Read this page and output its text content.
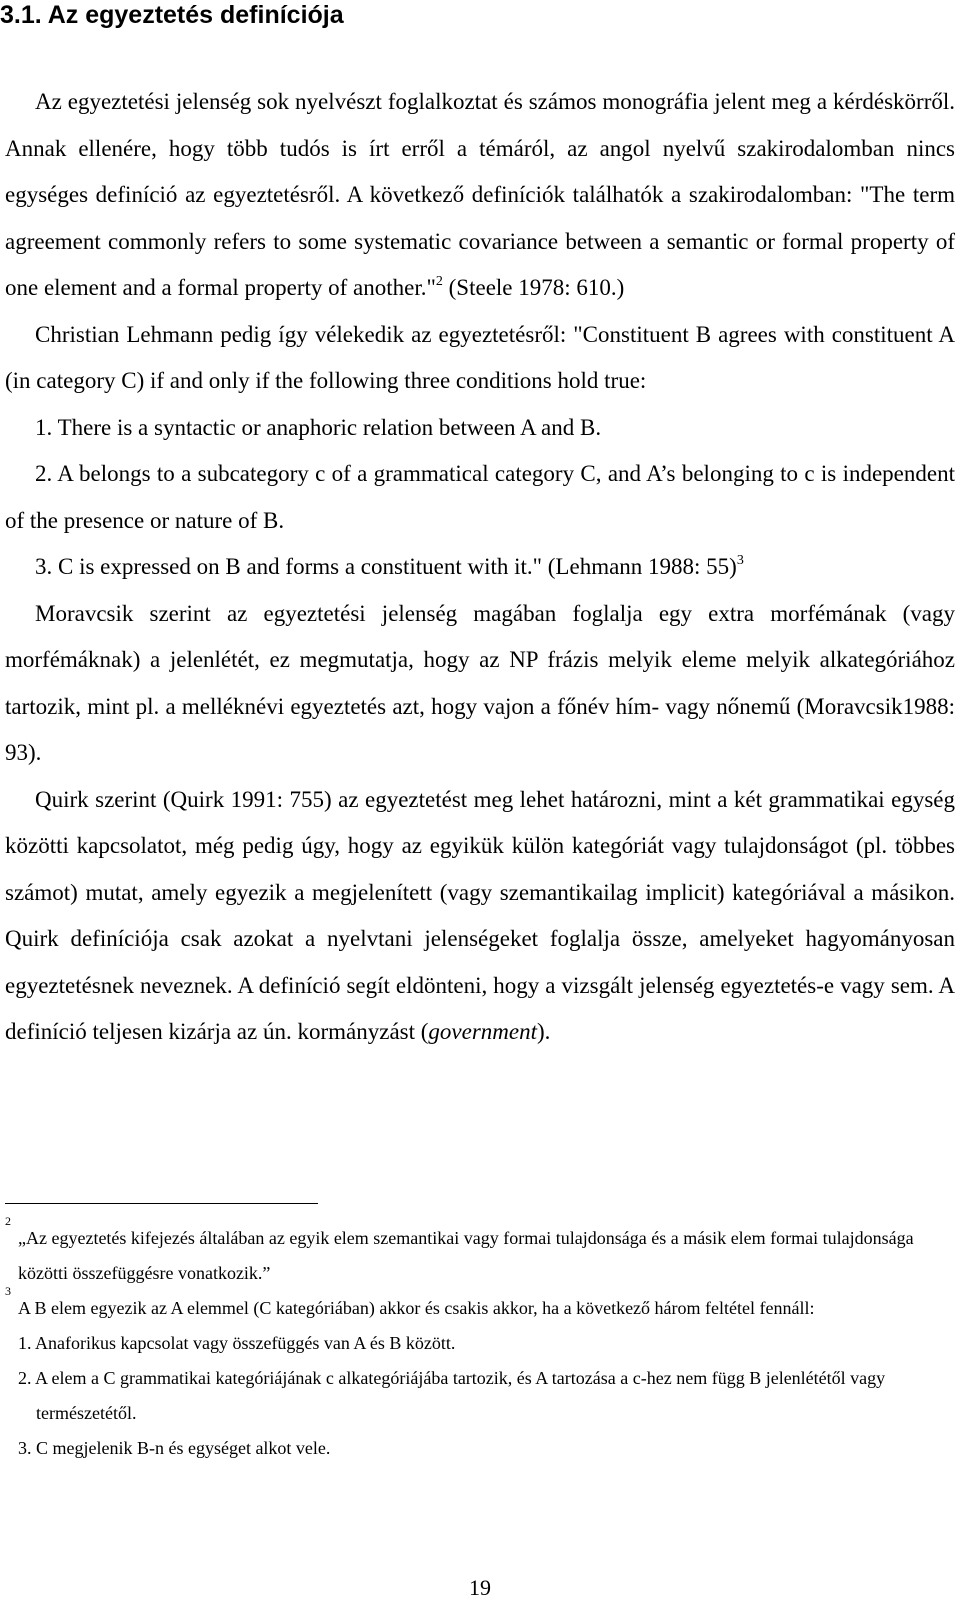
3.1. Az egyeztetés definíciója

Az egyeztetési jelenség sok nyelvészt foglalkoztat és számos monográfia jelent meg a kérdéskörről. Annak ellenére, hogy több tudós is írt erről a témáról, az angol nyelvű szakirodalomban nincs egységes definíció az egyeztetésről. A következő definíciók találhatók a szakirodalomban: "The term agreement commonly refers to some systematic covariance between a semantic or formal property of one element and a formal property of another."$^2$ (Steele 1978: 610.)

Christian Lehmann pedig így vélekedik az egyeztetésről: "Constituent B agrees with constituent A (in category C) if and only if the following three conditions hold true:

1. There is a syntactic or anaphoric relation between A and B.

2. A belongs to a subcategory c of a grammatical category C, and A’s belonging to c is independent of the presence or nature of B.

3. C is expressed on B and forms a constituent with it." (Lehmann 1988: 55)$^3$

Moravcsik szerint az egyeztetési jelenség magában foglalja egy extra morfémának (vagy morfémáknak) a jelenlétét, ez megmutatja, hogy az NP frázis melyik eleme melyik alkategóriához tartozik, mint pl. a melléknévi egyeztetés azt, hogy vajon a főnév hím- vagy nőnemű (Moravcsik1988: 93).

Quirk szerint (Quirk 1991: 755) az egyeztetést meg lehet határozni, mint a két grammatikai egység közötti kapcsolatot, még pedig úgy, hogy az egyikük külön kategóriát vagy tulajdonságot (pl. többes számot) mutat, amely egyezik a megjelenített (vagy szemantikailag implicit) kategóriával a másikon. Quirk definíciója csak azokat a nyelvtani jelenségeket foglalja össze, amelyeket hagyományosan egyeztetésnek neveznek. A definíció segít eldönteni, hogy a vizsgált jelenség egyeztetés-e vagy sem. A definíció teljesen kizárja az ún. kormányzást (government).

2
„Az egyeztetés kifejezés általában az egyik elem szemantikai vagy formai tulajdonsága és a másik elem formai tulajdonsága közötti összefüggésre vonatkozik.”
3
A B elem egyezik az A elemmel (C kategóriában) akkor és csakis akkor, ha a következő három feltétel fennáll:
1. Anaforikus kapcsolat vagy összefüggés van A és B között.
2. A elem a C grammatikai kategóriájának c alkategóriájába tartozik, és A tartozása a c-hez nem függ B jelenlététől vagy természetétől.
3. C megjelenik B-n és egységet alkot vele.
19
